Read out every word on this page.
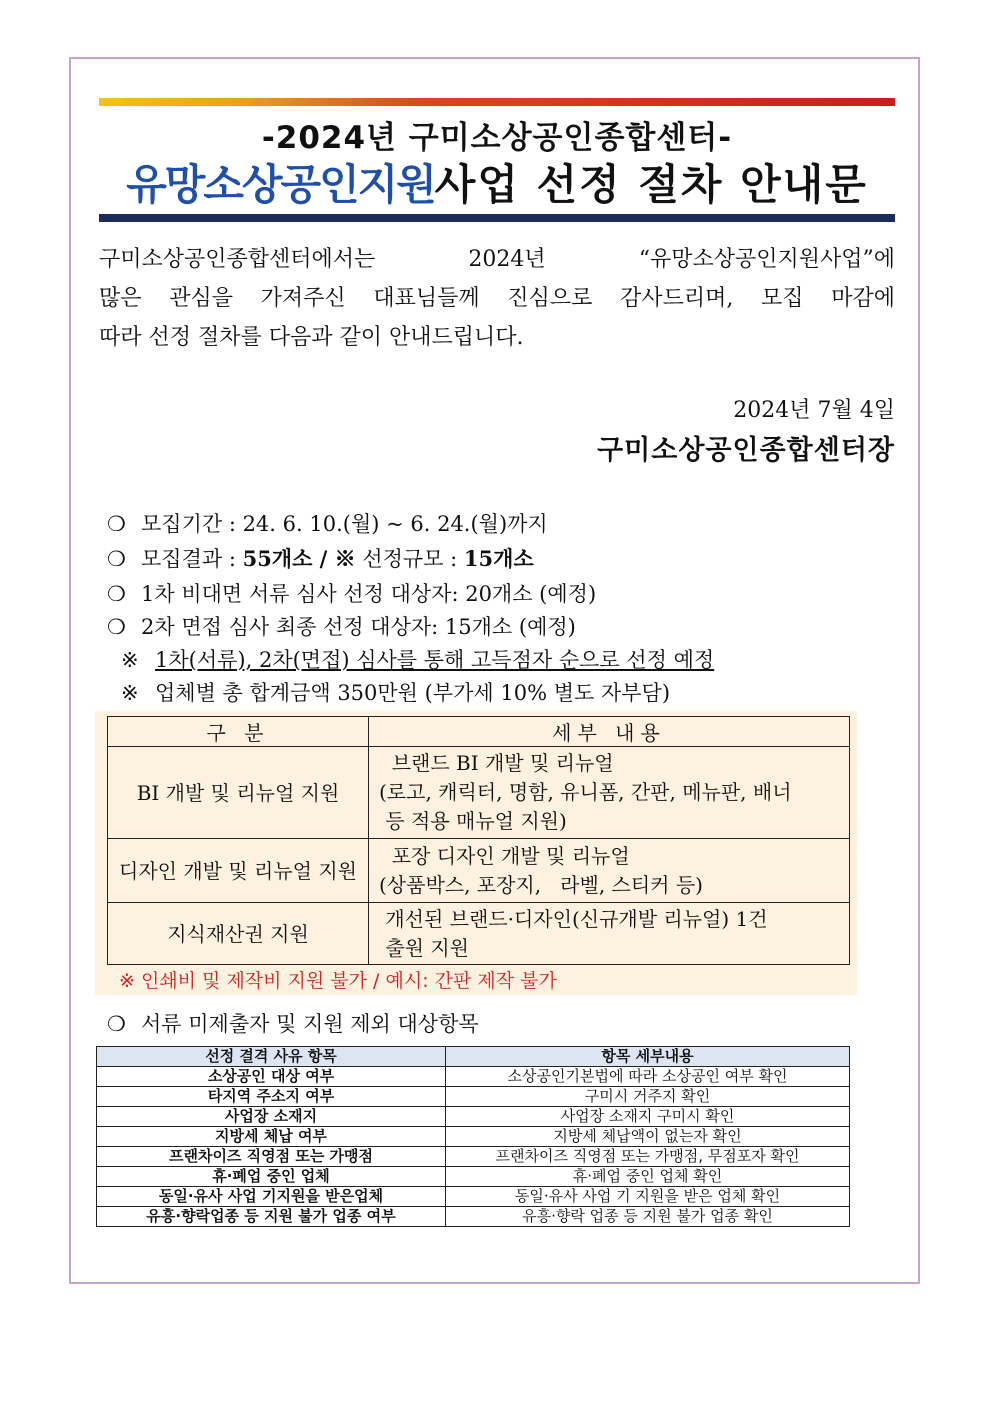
-2024년 구미소상공인종합센터-
유망소상공인지원사업 선정 절차 안내문

구미소상공인종합센터에서는 2024년 “유망소상공인지원사업”에

많은 관심을 가져주신 대표님들께 진심으로 감사드리며, 모집 마감에

따라 선정 절차를 다음과 같이 안내드립니다.

2024년 7월 4일
구미소상공인종합센터장
❍ 모집기간 : 24. 6. 10.(월) ~ 6. 24.(월)까지
❍ 모집결과 : 55개소 / ※ 선정규모 : 15개소
❍ 1차 비대면 서류 심사 선정 대상자: 20개소 (예정)
❍ 2차 면접 심사 최종 선정 대상자: 15개소 (예정)
※ 1차(서류), 2차(면접) 심사를 통해 고득점자 순으로 선정 예정
※ 업체별 총 합계금액 350만원 (부가세 10% 별도 자부담)
구 분	세부 내용
BI 개발 및 리뉴얼 지원	브랜드 BI 개발 및 리뉴얼
(로고, 캐릭터, 명함, 유니폼, 간판, 메뉴판, 배너
등 적용 매뉴얼 지원)

디자인 개발 및 리뉴얼 지원	포장 디자인 개발 및 리뉴얼
(상품박스, 포장지,   라벨, 스티커 등)

지식재산권 지원	개선된 브랜드·디자인(신규개발 리뉴얼) 1건
출원 지원
※ 인쇄비 및 제작비 지원 불가 / 예시: 간판 제작 불가
❍ 서류 미제출자 및 지원 제외 대상항목
선정 결격 사유 항목	항목 세부내용
소상공인 대상 여부	소상공인기본법에 따라 소상공인 여부 확인
타지역 주소지 여부	구미시 거주지 확인
사업장 소재지	사업장 소재지 구미시 확인
지방세 체납 여부	지방세 체납액이 없는자 확인
프랜차이즈 직영점 또는 가맹점	프랜차이즈 직영점 또는 가맹점, 무점포자 확인
휴·폐업 중인 업체	휴·폐업 중인 업체 확인
동일·유사 사업 기지원을 받은업체	동일·유사 사업 기 지원을 받은 업체 확인
유흥·향락업종 등 지원 불가 업종 여부	유흥·향락 업종 등 지원 불가 업종 확인
